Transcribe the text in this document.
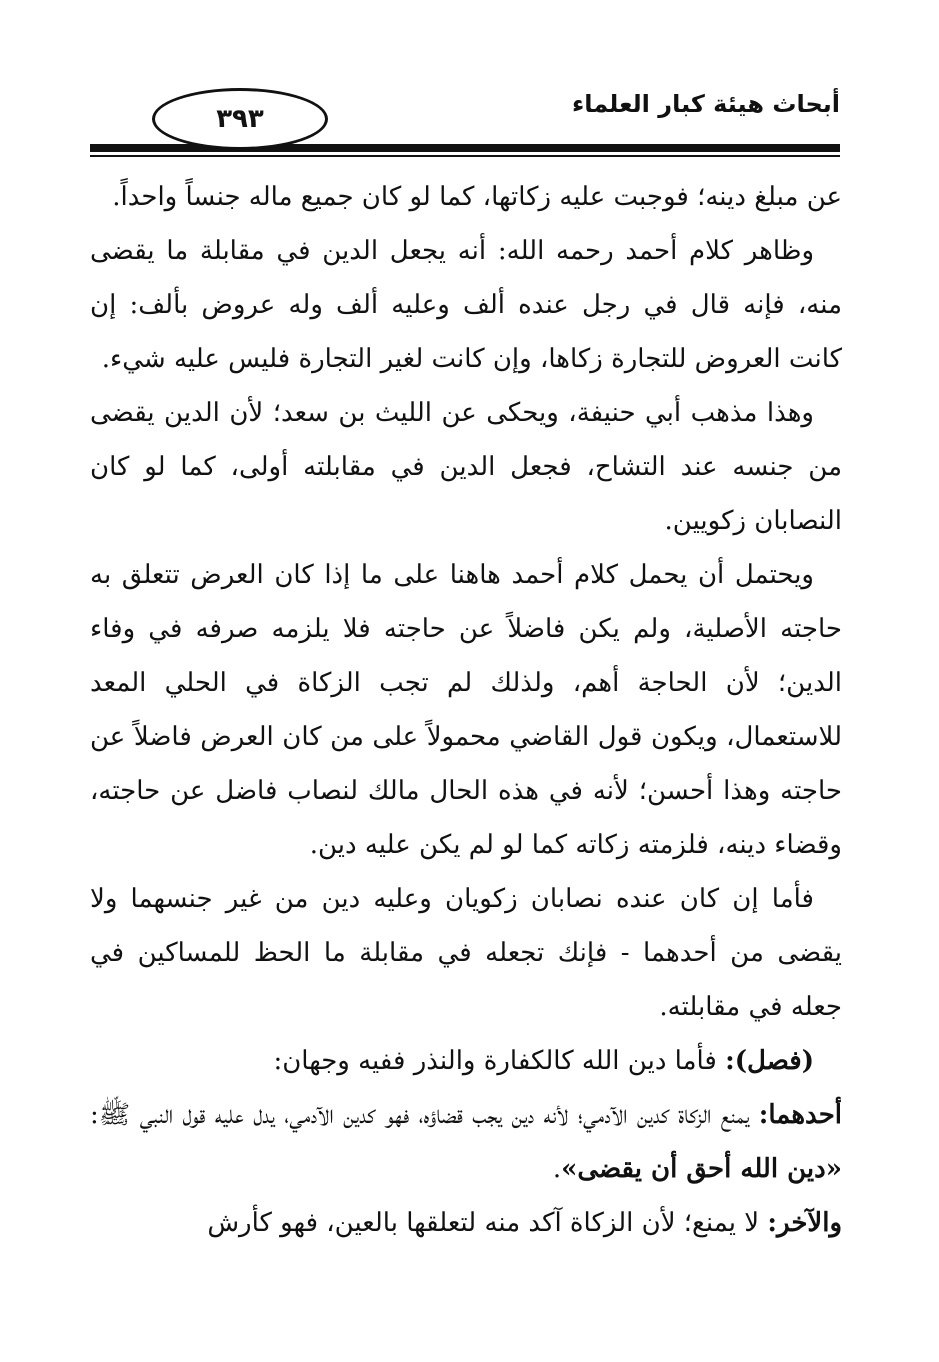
أبحاث هيئة كبار العلماء
٣٩٣

عن مبلغ دينه؛ فوجبت عليه زكاتها، كما لو كان جميع ماله جنساً واحداً.

وظاهر كلام أحمد رحمه الله: أنه يجعل الدين في مقابلة ما يقضى منه، فإنه قال في رجل عنده ألف وعليه ألف وله عروض بألف: إن كانت العروض للتجارة زكاها، وإن كانت لغير التجارة فليس عليه شيء.

وهذا مذهب أبي حنيفة، ويحكى عن الليث بن سعد؛ لأن الدين يقضى من جنسه عند التشاح، فجعل الدين في مقابلته أولى، كما لو كان النصابان زكويين.

ويحتمل أن يحمل كلام أحمد هاهنا على ما إذا كان العرض تتعلق به حاجته الأصلية، ولم يكن فاضلاً عن حاجته فلا يلزمه صرفه في وفاء الدين؛ لأن الحاجة أهم، ولذلك لم تجب الزكاة في الحلي المعد للاستعمال، ويكون قول القاضي محمولاً على من كان العرض فاضلاً عن حاجته وهذا أحسن؛ لأنه في هذه الحال مالك لنصاب فاضل عن حاجته، وقضاء دينه، فلزمته زكاته كما لو لم يكن عليه دين.

فأما إن كان عنده نصابان زكويان وعليه دين من غير جنسهما ولا يقضى من أحدهما - فإنك تجعله في مقابلة ما الحظ للمساكين في جعله في مقابلته.

(فصل): فأما دين الله كالكفارة والنذر ففيه وجهان:

أحدهما: يمنع الزكاة كدين الآدمي؛ لأنه دين يجب قضاؤه، فهو كدين الآدمي، يدل عليه قول النبي ﷺ: «دين الله أحق أن يقضى».

والآخر: لا يمنع؛ لأن الزكاة آكد منه لتعلقها بالعين، فهو كأرش
